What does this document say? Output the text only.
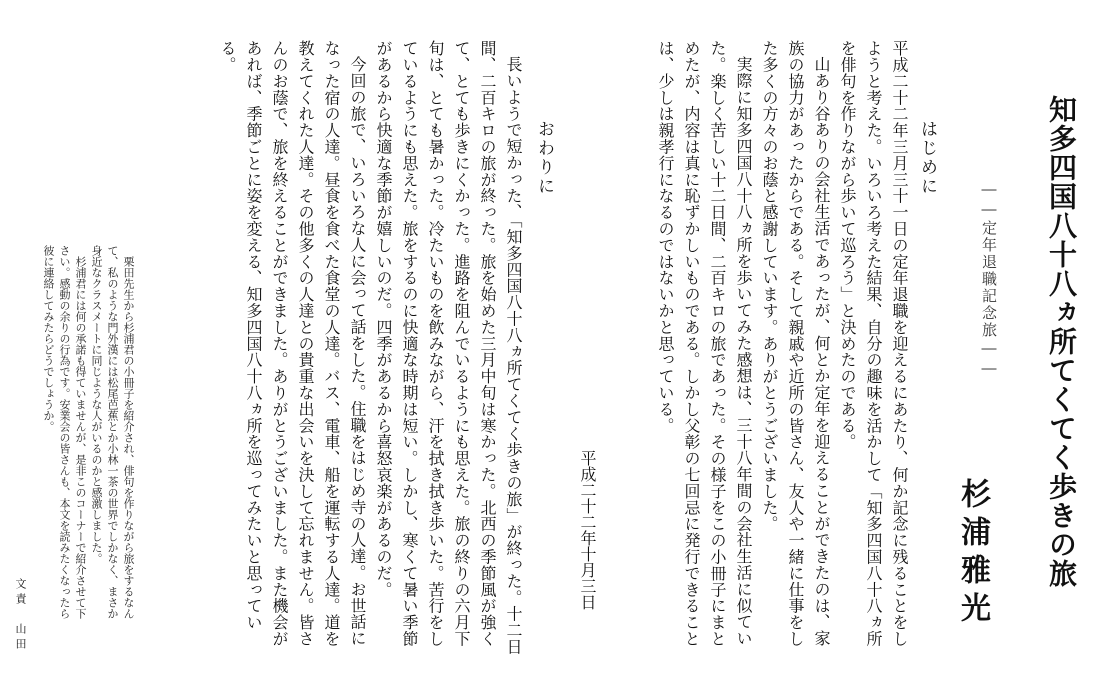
知多四国八十八ヵ所
てくてく歩きの旅
――定年退職記念旅――
杉浦雅光
はじめに

平成二十二年三月三十一日の定年退職を迎えるにあたり、何か記念に残ることをしようと考えた。いろいろ考えた結果、自分の趣味を活かして「知多四国八十八ヵ所を俳句を作りながら歩いて巡ろう」と決めたのである。

山あり谷ありの会社生活であったが、何とか定年を迎えることができたのは、家族の協力があったからである。そして親戚や近所の皆さん、友人や一緒に仕事をした多くの方々のお蔭と感謝しています。ありがとうございました。

実際に知多四国八十八ヵ所を歩いてみた感想は、三十八年間の会社生活に似ていた。楽しく苦しい十二日間、二百キロの旅であった。その様子をこの小冊子にまとめたが、内容は真に恥ずかしいものである。しかし父彰の七回忌に発行できることは、少しは親孝行になるのではないかと思っている。

平成二十二年十月三日
おわりに

長いようで短かった、「知多四国八十八ヵ所てくてく歩きの旅」が終った。十二日間、二百キロの旅が終った。旅を始めた三月中旬は寒かった。北西の季節風が強くて、とても歩きにくかった。進路を阻んでいるようにも思えた。旅の終りの六月下旬は、とても暑かった。冷たいものを飲みながら、汗を拭き拭き歩いた。苦行をしているようにも思えた。旅をするのに快適な時期は短い。しかし、寒くて暑い季節があるから快適な季節が嬉しいのだ。四季があるから喜怒哀楽があるのだ。

今回の旅で、いろいろな人に会って話をした。住職をはじめ寺の人達。お世話になった宿の人達。昼食を食べた食堂の人達。バス、電車、船を運転する人達。道を教えてくれた人達。その他多くの人達との貴重な出会いを決して忘れません。皆さんのお蔭で、旅を終えることができました。ありがとうございました。また機会があれば、季節ごとに姿を変える、知多四国八十八ヵ所を巡ってみたいと思っている。

栗田先生から杉浦君の小冊子を紹介され、俳句を作りながら旅をするなんて、私のような門外漢には松尾芭蕉とか小林一茶の世界でしかなく、まさか身近なクラスメートに同じような人がいるのかと感激しました。

杉浦君には何の承諾も得ていませんが、是非このコーナーで紹介させて下さい。感動の余りの行為です。安業会の皆さんも、本文を読みたくなったら彼に連絡してみたらどうでしょうか。

文責　山田
